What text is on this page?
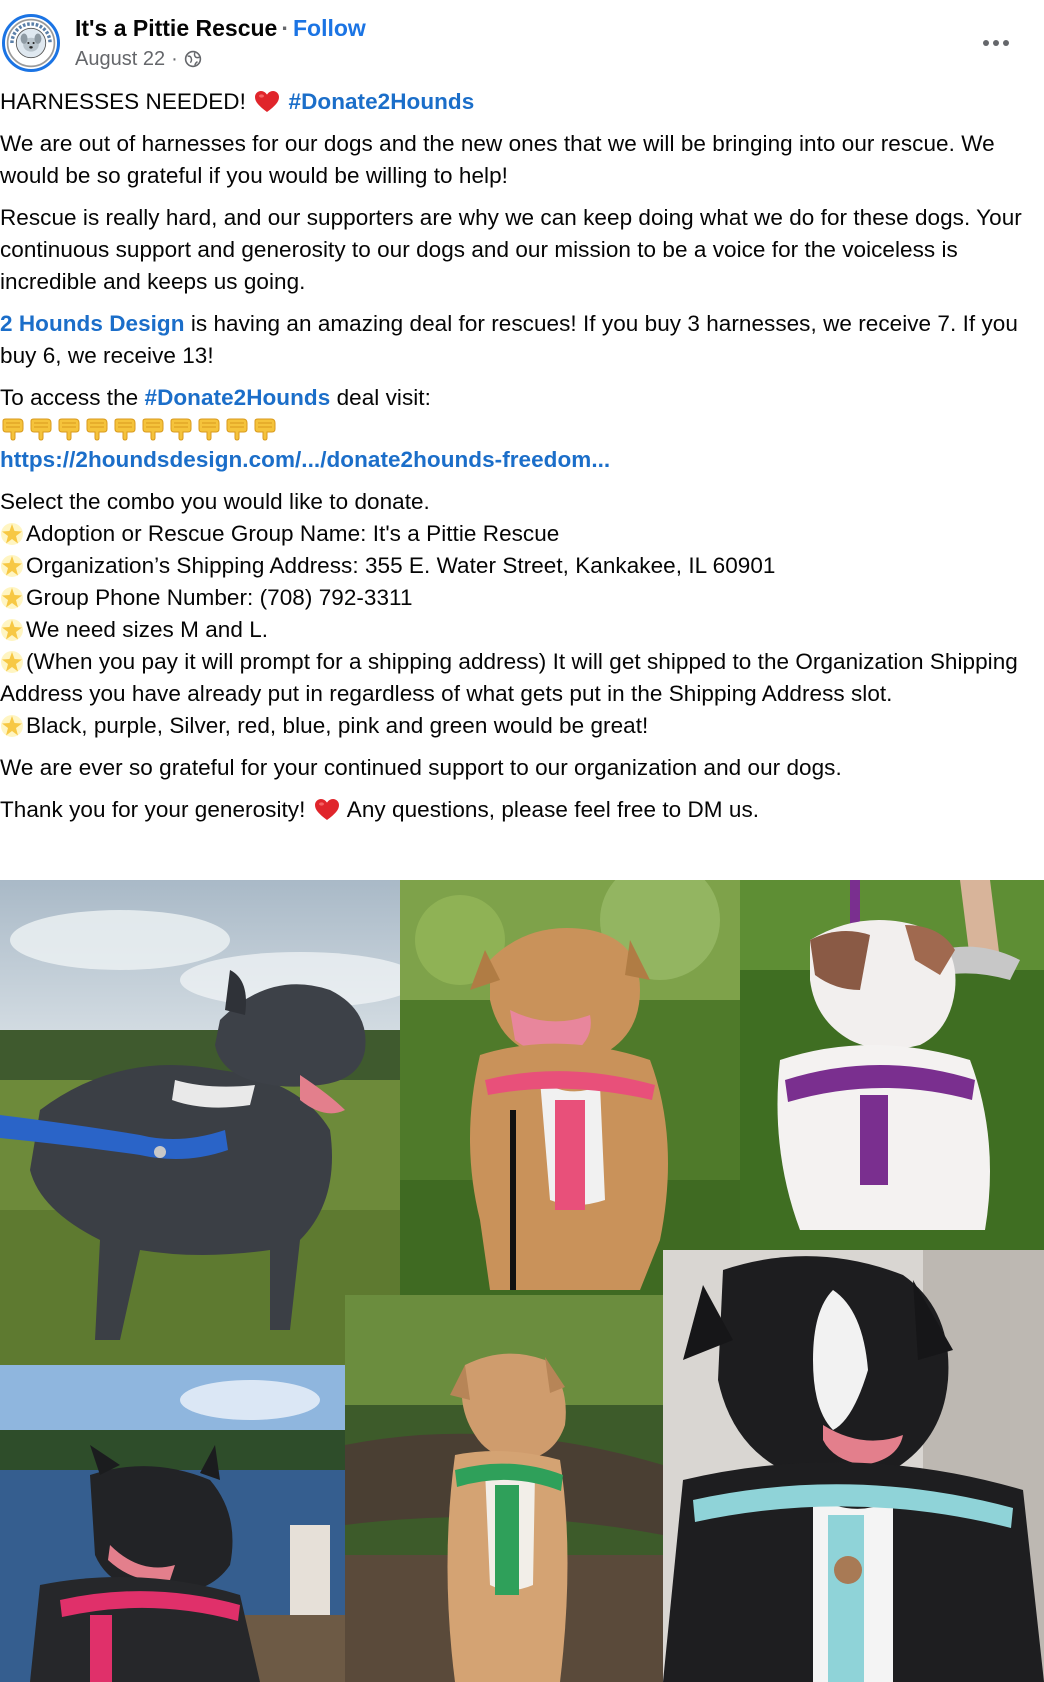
It's a Pittie Rescue · Follow
August 22 ·

HARNESSES NEEDED! #Donate2Hounds

We are out of harnesses for our dogs and the new ones that we will be bringing into our rescue. We would be so grateful if you would be willing to help!

Rescue is really hard, and our supporters are why we can keep doing what we do for these dogs. Your continuous support and generosity to our dogs and our mission to be a voice for the voiceless is incredible and keeps us going.

2 Hounds Design is having an amazing deal for rescues! If you buy 3 harnesses, we receive 7. If you buy 6, we receive 13!

To access the #Donate2Hounds deal visit:

https://2houndsdesign.com/.../donate2hounds-freedom...

Select the combo you would like to donate.

Adoption or Rescue Group Name: It's a Pittie Rescue
Organization’s Shipping Address: 355 E. Water Street, Kankakee, IL 60901
Group Phone Number: (708) 792-3311
We need sizes M and L.
(When you pay it will prompt for a shipping address) It will get shipped to the Organization Shipping Address you have already put in regardless of what gets put in the Shipping Address slot.
Black, purple, Silver, red, blue, pink and green would be great!

We are ever so grateful for your continued support to our organization and our dogs.

Thank you for your generosity!  Any questions, please feel free to DM us.
